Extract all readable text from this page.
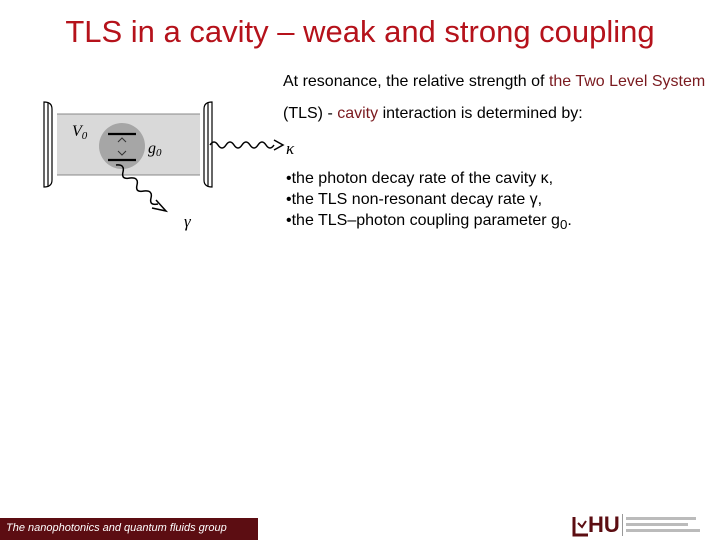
TLS in a cavity – weak and strong coupling
At resonance, the relative strength of the Two Level System (TLS) - cavity interaction is determined by:
•the photon decay rate of the cavity κ,
•the TLS non-resonant decay rate γ,
•the TLS–photon coupling parameter $g_0$.
V0
g0	κ
γ
The nanophotonics and quantum fluids group	HU
